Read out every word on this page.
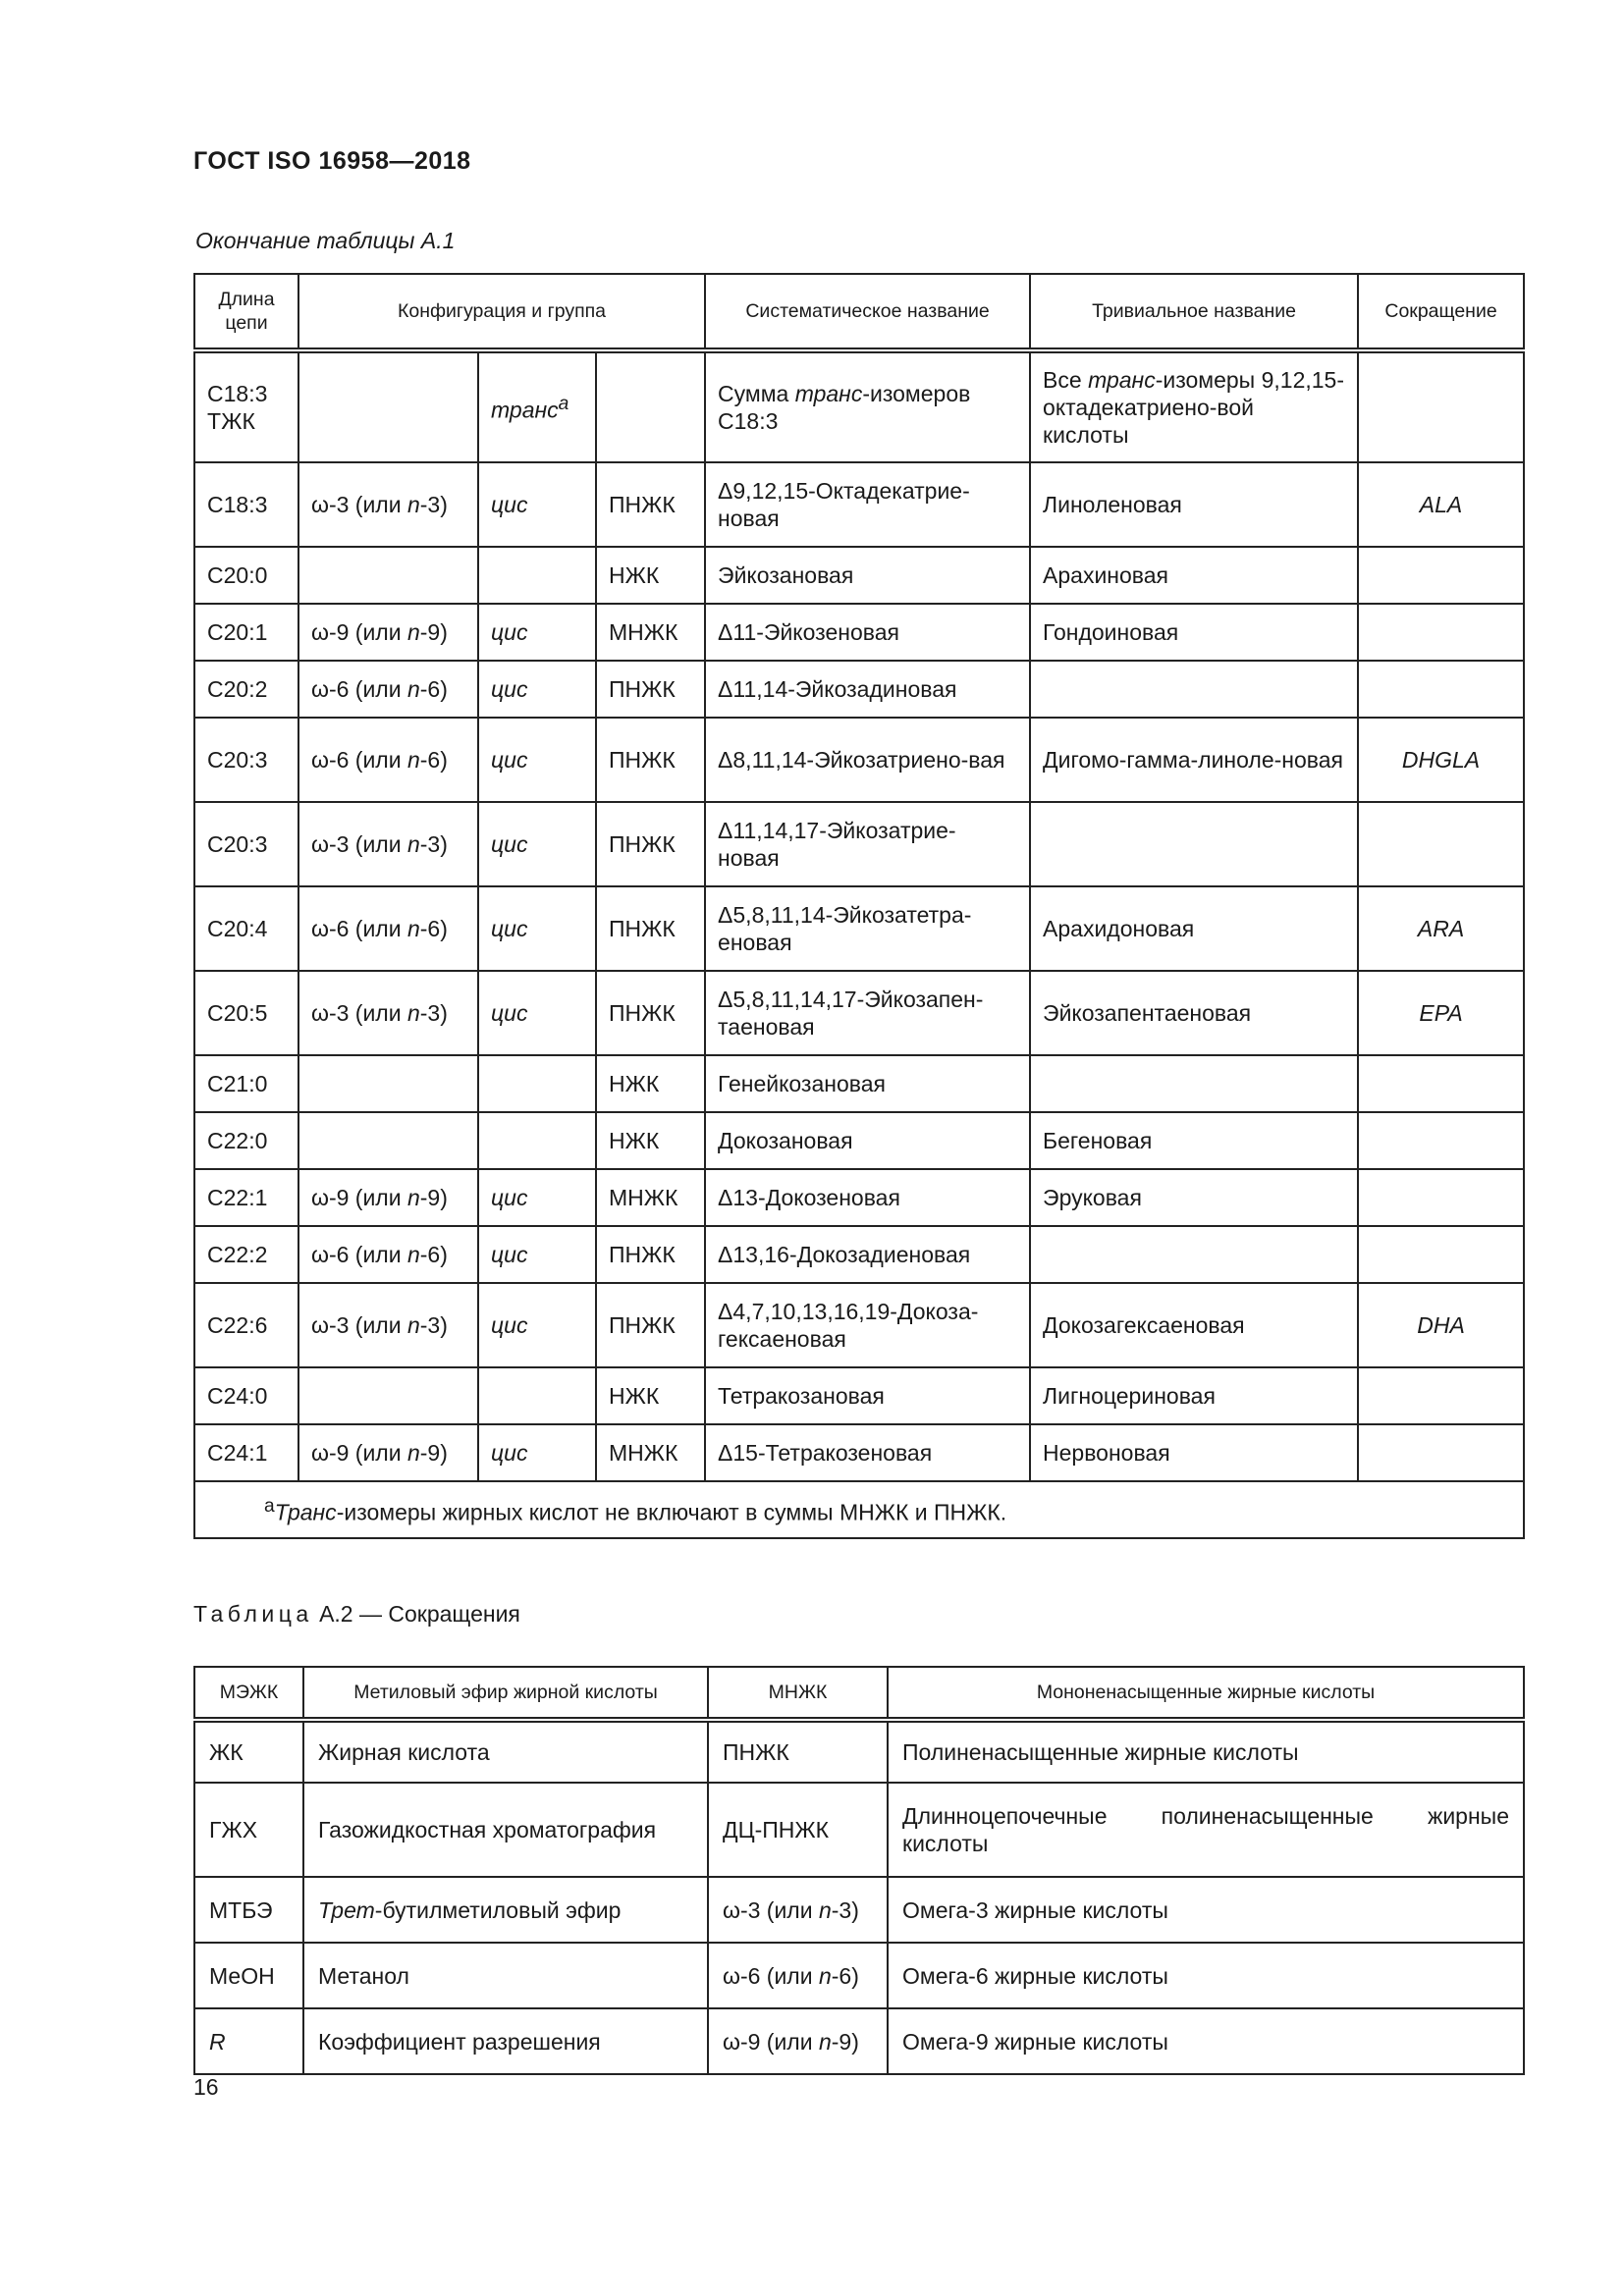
ГОСТ ISO 16958—2018
Окончание таблицы А.1
Длина цепи	Конфигурация и группа			Систематическое название	Тривиальное название	Сокращение
С18:3 ТЖК		транс$^a$		Сумма транс-изомеров С18:3	Все транс-изомеры 9,12,15-октадекатриено-вой кислоты	
С18:3	ω-3 (или n-3)	цис	ПНЖК	Δ9,12,15-Октадекатрие-новая	Линоленовая	ALA
С20:0			НЖК	Эйкозановая	Арахиновая	
С20:1	ω-9 (или n-9)	цис	МНЖК	Δ11-Эйкозеновая	Гондоиновая	
С20:2	ω-6 (или n-6)	цис	ПНЖК	Δ11,14-Эйкозадиновая		
С20:3	ω-6 (или n-6)	цис	ПНЖК	Δ8,11,14-Эйкозатриено-вая	Дигомо-гамма-линоле-новая	DHGLA
С20:3	ω-3 (или n-3)	цис	ПНЖК	Δ11,14,17-Эйкозатрие-новая		
С20:4	ω-6 (или n-6)	цис	ПНЖК	Δ5,8,11,14-Эйкозатетра-еновая	Арахидоновая	ARA
С20:5	ω-3 (или n-3)	цис	ПНЖК	Δ5,8,11,14,17-Эйкозапен-таеновая	Эйкозапентаеновая	EPA
С21:0			НЖК	Генейкозановая		
С22:0			НЖК	Докозановая	Бегеновая	
С22:1	ω-9 (или n-9)	цис	МНЖК	Δ13-Докозеновая	Эруковая	
С22:2	ω-6 (или n-6)	цис	ПНЖК	Δ13,16-Докозадиеновая		
С22:6	ω-3 (или n-3)	цис	ПНЖК	Δ4,7,10,13,16,19-Докоза-гексаеновая	Докозагексаеновая	DHA
С24:0			НЖК	Тетракозановая	Лигноцериновая	
С24:1	ω-9 (или n-9)	цис	МНЖК	Δ15-Тетракозеновая	Нервоновая	
$^a$Транс-изомеры жирных кислот не включают в суммы МНЖК и ПНЖК.						
Таблица А.2 — Сокращения
МЭЖК	Метиловый эфир жирной кислоты	МНЖК	Мононенасыщенные жирные кислоты
ЖК	Жирная кислота	ПНЖК	Полиненасыщенные жирные кислоты
ГЖХ	Газожидкостная хроматография	ДЦ-ПНЖК	Длинноцепочечные полиненасыщенные жирные
кислоты
МТБЭ	Трет-бутилметиловый эфир	ω-3 (или n-3)	Омега-3 жирные кислоты
МеОН	Метанол	ω-6 (или n-6)	Омега-6 жирные кислоты
R	Коэффициент разрешения	ω-9 (или n-9)	Омега-9 жирные кислоты
16
